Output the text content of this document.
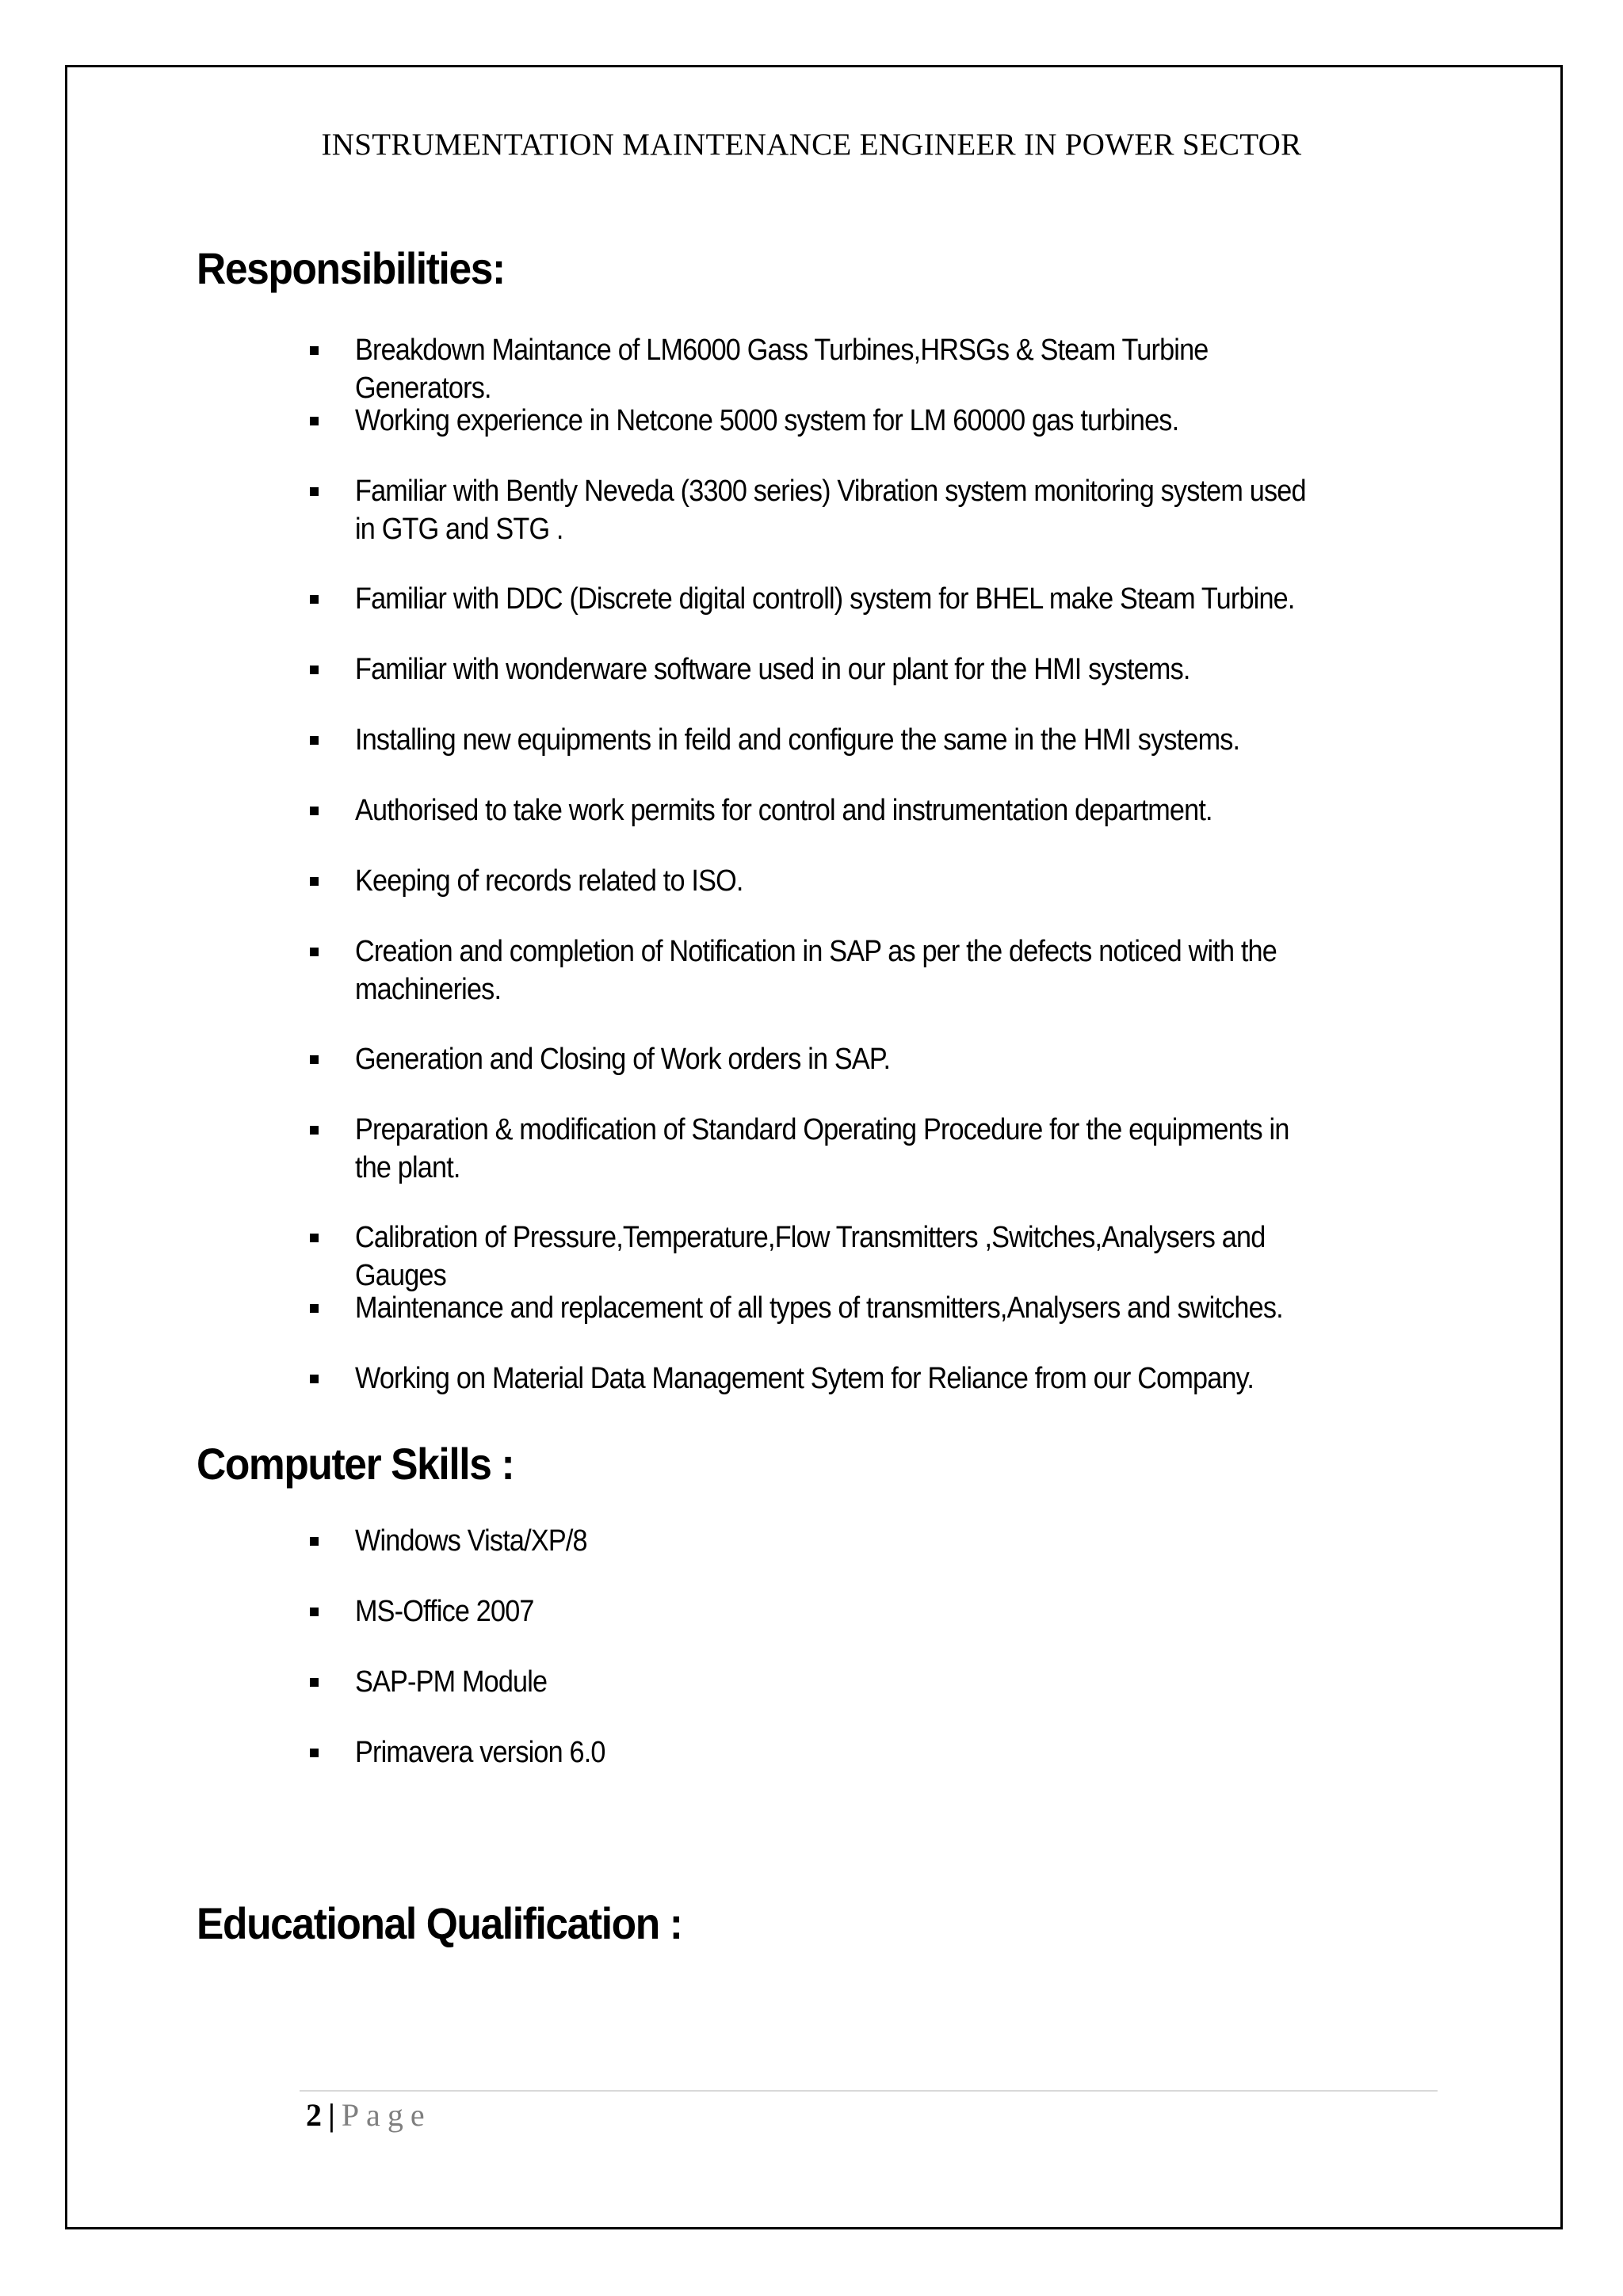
INSTRUMENTATION MAINTENANCE ENGINEER IN POWER SECTOR
Responsibilities:
Breakdown Maintance of LM6000 Gass Turbines,HRSGs & Steam Turbine Generators.
Working experience in Netcone 5000 system for LM 60000 gas turbines.
Familiar with Bently Neveda (3300 series) Vibration system monitoring system used in GTG and STG .
Familiar with DDC (Discrete digital controll) system for BHEL make Steam Turbine.
Familiar with wonderware software used in our plant for the HMI systems.
Installing new equipments in feild and configure the same in the HMI systems.
Authorised to take work permits for control and instrumentation department.
Keeping of records related to ISO.
Creation and completion of Notification in SAP as per the defects noticed with the machineries.
Generation and Closing of Work orders in SAP.
Preparation & modification of Standard Operating Procedure for the equipments in the plant.
Calibration of Pressure,Temperature,Flow Transmitters ,Switches,Analysers and Gauges
Maintenance and replacement of all types of transmitters,Analysers and switches.
Working on Material Data Management Sytem for Reliance from our Company.
Computer Skills :
Windows Vista/XP/8
MS-Office 2007
SAP-PM Module
Primavera version 6.0
Educational Qualification :
2 | Page
